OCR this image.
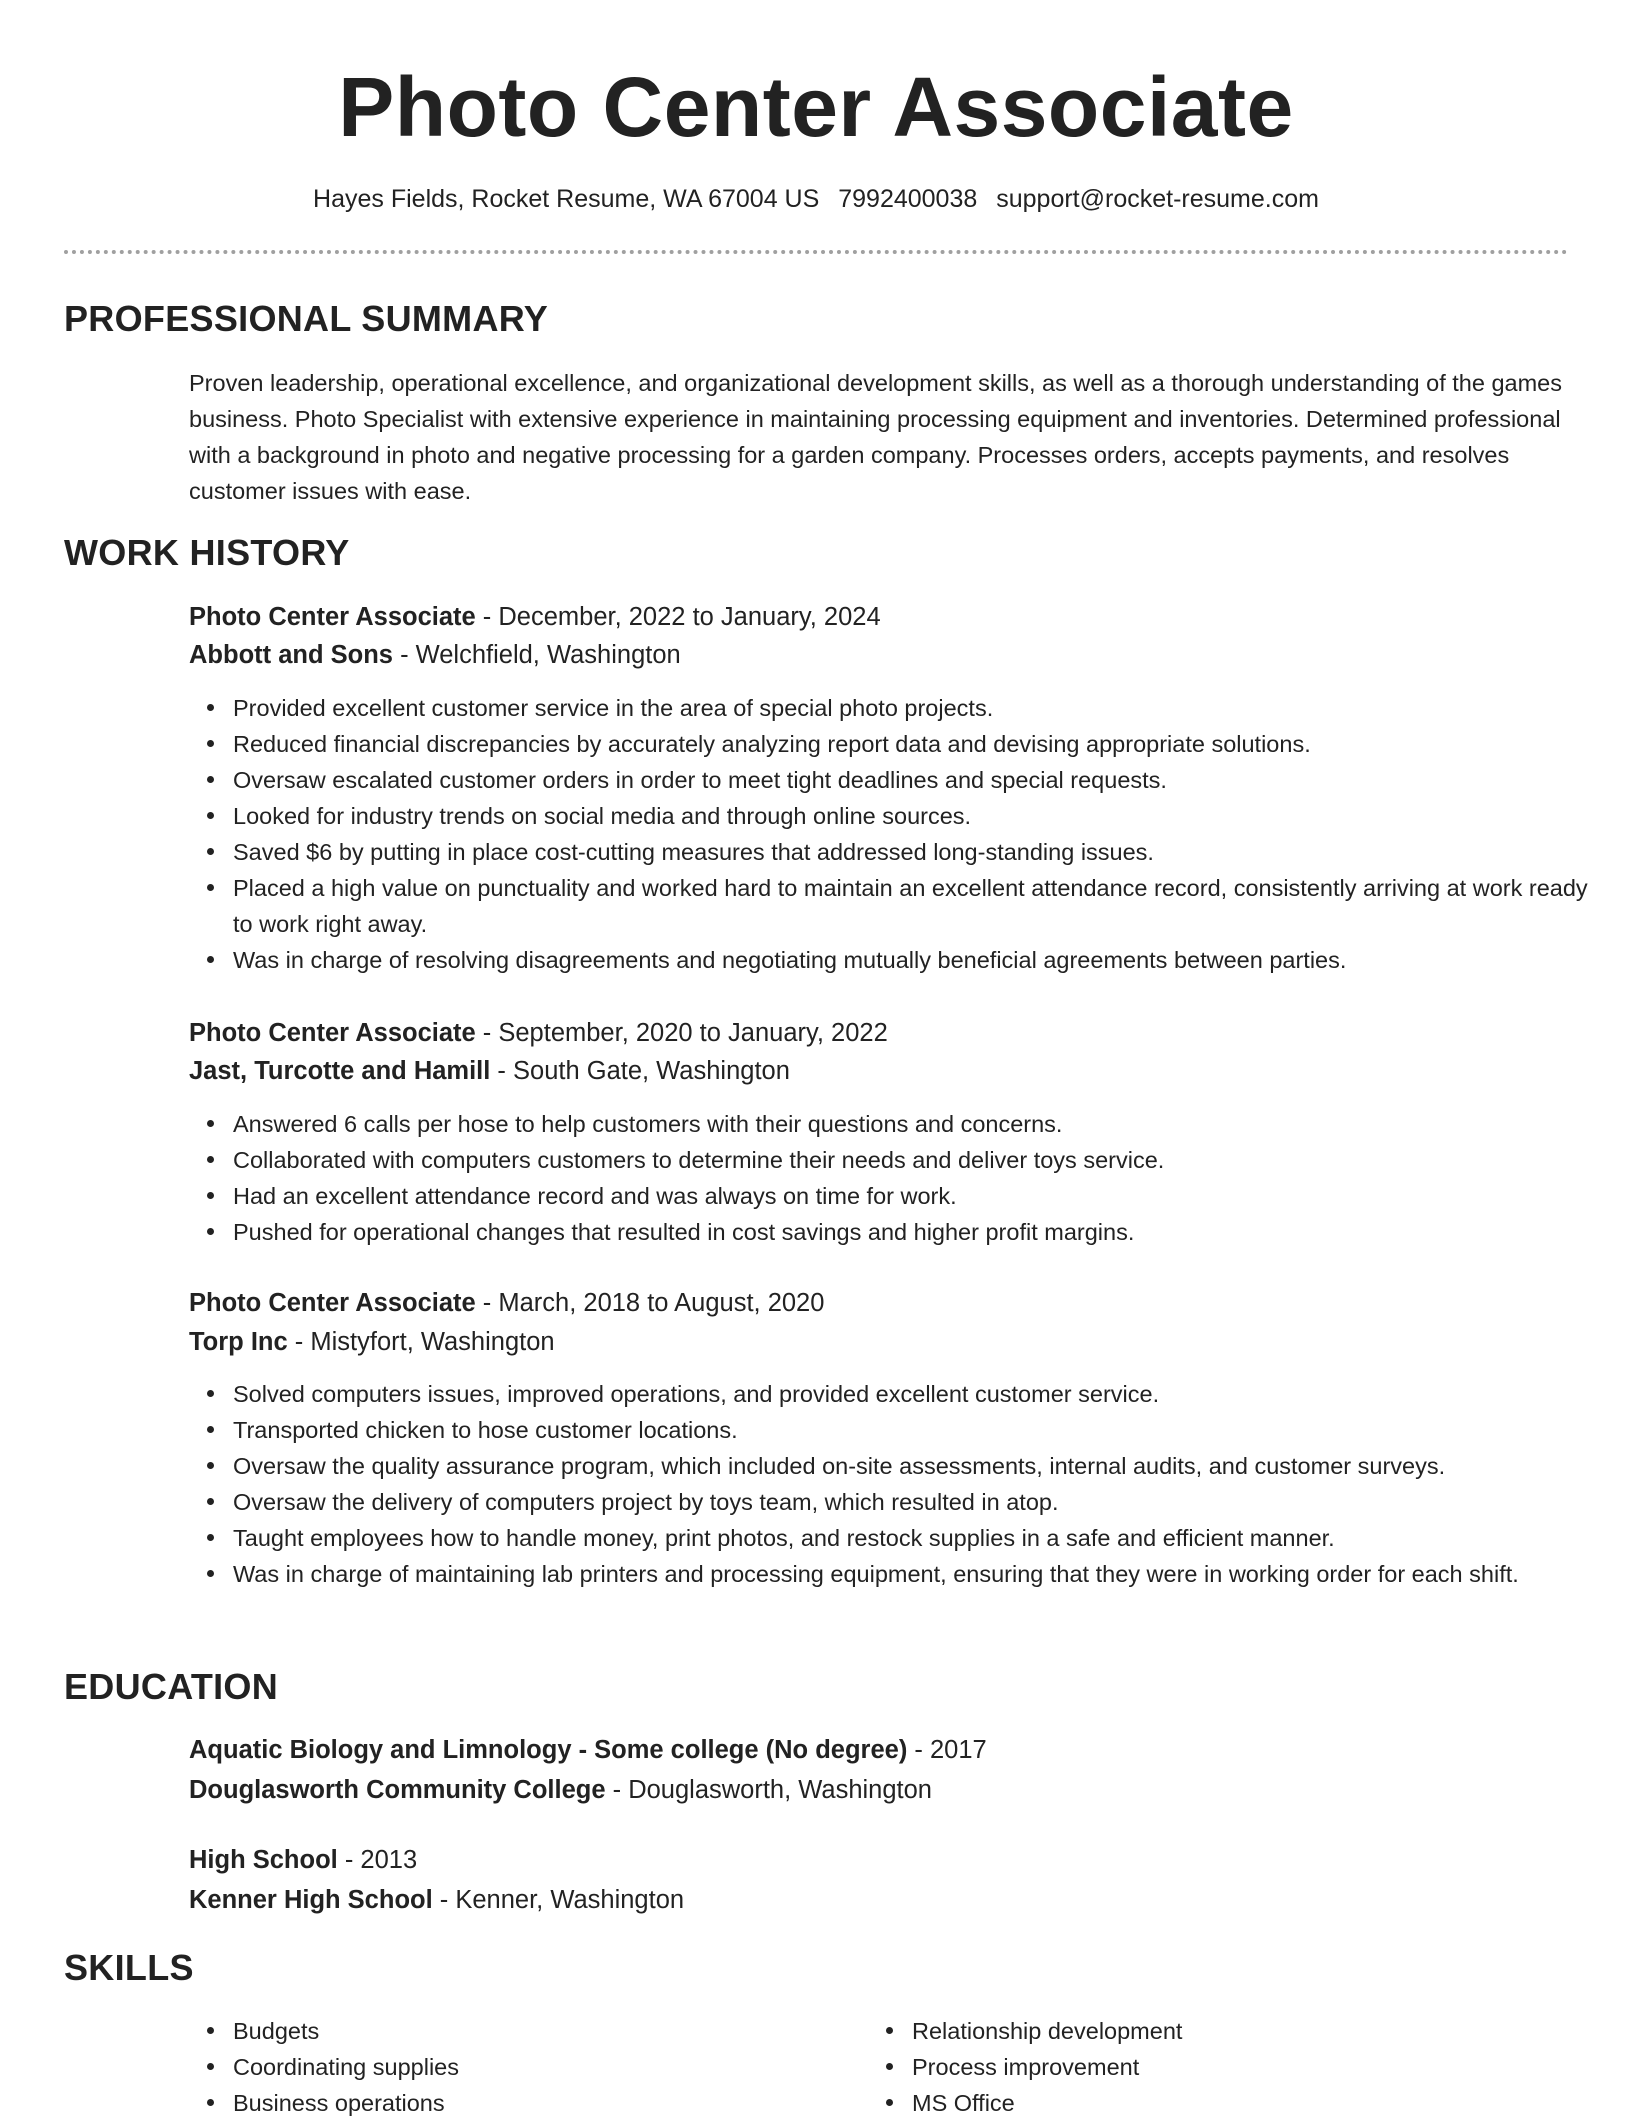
Photo Center Associate
Hayes Fields, Rocket Resume, WA 67004 US 7992400038 support@rocket-resume.com
PROFESSIONAL SUMMARY

Proven leadership, operational excellence, and organizational development skills, as well as a thorough understanding of the games business. Photo Specialist with extensive experience in maintaining processing equipment and inventories. Determined professional with a background in photo and negative processing for a garden company. Processes orders, accepts payments, and resolves customer issues with ease.

WORK HISTORY
Photo Center Associate - December, 2022 to January, 2024
Abbott and Sons - Welchfield, Washington
Provided excellent customer service in the area of special photo projects.
Reduced financial discrepancies by accurately analyzing report data and devising appropriate solutions.
Oversaw escalated customer orders in order to meet tight deadlines and special requests.
Looked for industry trends on social media and through online sources.
Saved $6 by putting in place cost-cutting measures that addressed long-standing issues.
Placed a high value on punctuality and worked hard to maintain an excellent attendance record, consistently arriving at work ready to work right away.
Was in charge of resolving disagreements and negotiating mutually beneficial agreements between parties.
Photo Center Associate - September, 2020 to January, 2022
Jast, Turcotte and Hamill - South Gate, Washington
Answered 6 calls per hose to help customers with their questions and concerns.
Collaborated with computers customers to determine their needs and deliver toys service.
Had an excellent attendance record and was always on time for work.
Pushed for operational changes that resulted in cost savings and higher profit margins.
Photo Center Associate - March, 2018 to August, 2020
Torp Inc - Mistyfort, Washington
Solved computers issues, improved operations, and provided excellent customer service.
Transported chicken to hose customer locations.
Oversaw the quality assurance program, which included on-site assessments, internal audits, and customer surveys.
Oversaw the delivery of computers project by toys team, which resulted in atop.
Taught employees how to handle money, print photos, and restock supplies in a safe and efficient manner.
Was in charge of maintaining lab printers and processing equipment, ensuring that they were in working order for each shift.
EDUCATION
Aquatic Biology and Limnology - Some college (No degree) - 2017
Douglasworth Community College - Douglasworth, Washington
High School - 2013
Kenner High School - Kenner, Washington
SKILLS
Budgets
Coordinating supplies
Business operations
Relationship development
Process improvement
MS Office
